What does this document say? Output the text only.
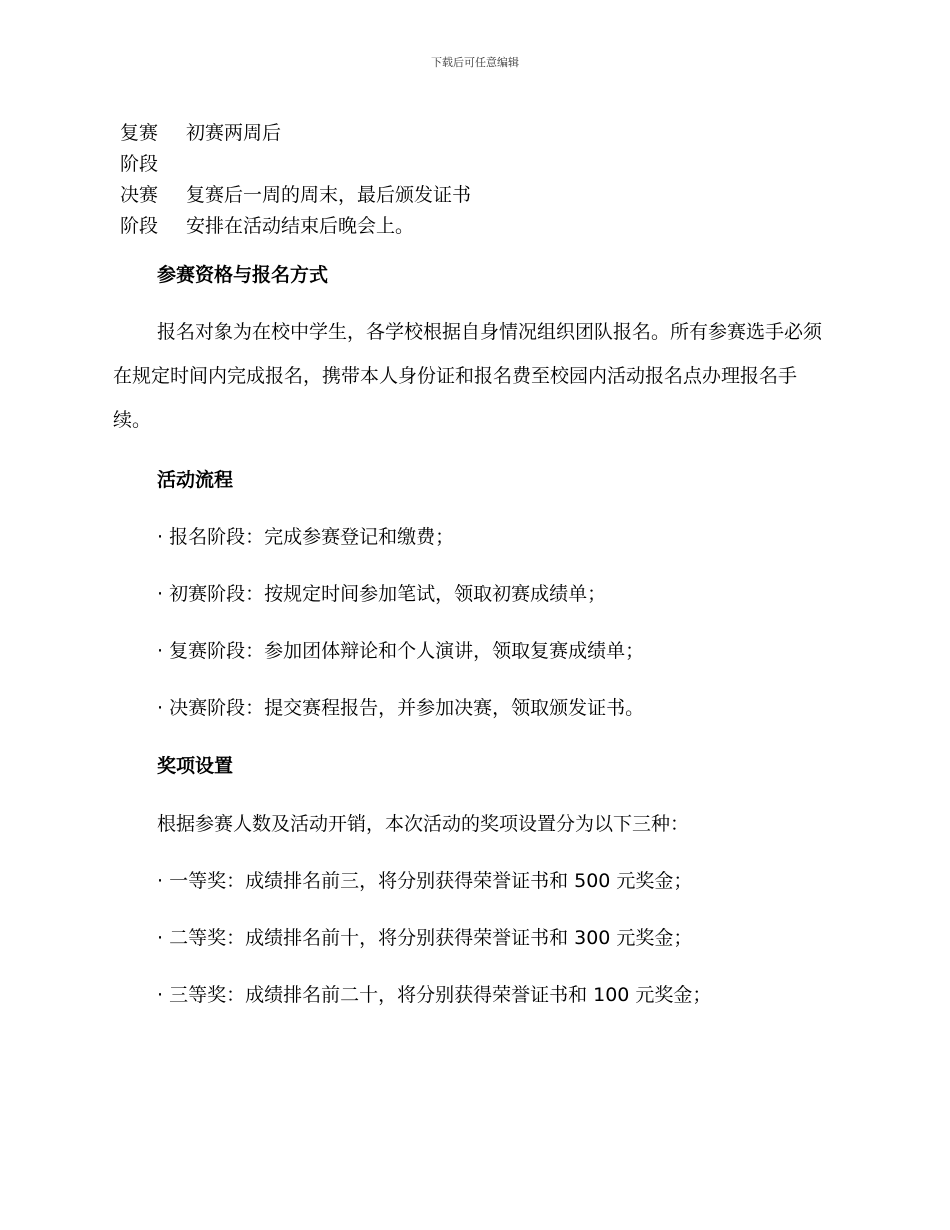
下载后可任意编辑
复赛
阶段
初赛两周后
决赛
阶段
复赛后一周的周末，最后颁发证书
安排在活动结束后晚会上。
参赛资格与报名方式
报名对象为在校中学生，各学校根据自身情况组织团队报名。所有参赛选手必须在规定时间内完成报名，携带本人身份证和报名费至校园内活动报名点办理报名手续。
活动流程
· 报名阶段：完成参赛登记和缴费；
· 初赛阶段：按规定时间参加笔试，领取初赛成绩单；
· 复赛阶段：参加团体辩论和个人演讲，领取复赛成绩单；
· 决赛阶段：提交赛程报告，并参加决赛，领取颁发证书。
奖项设置
根据参赛人数及活动开销，本次活动的奖项设置分为以下三种：
· 一等奖：成绩排名前三，将分别获得荣誉证书和 500 元奖金；
· 二等奖：成绩排名前十，将分别获得荣誉证书和 300 元奖金；
· 三等奖：成绩排名前二十，将分别获得荣誉证书和 100 元奖金；
